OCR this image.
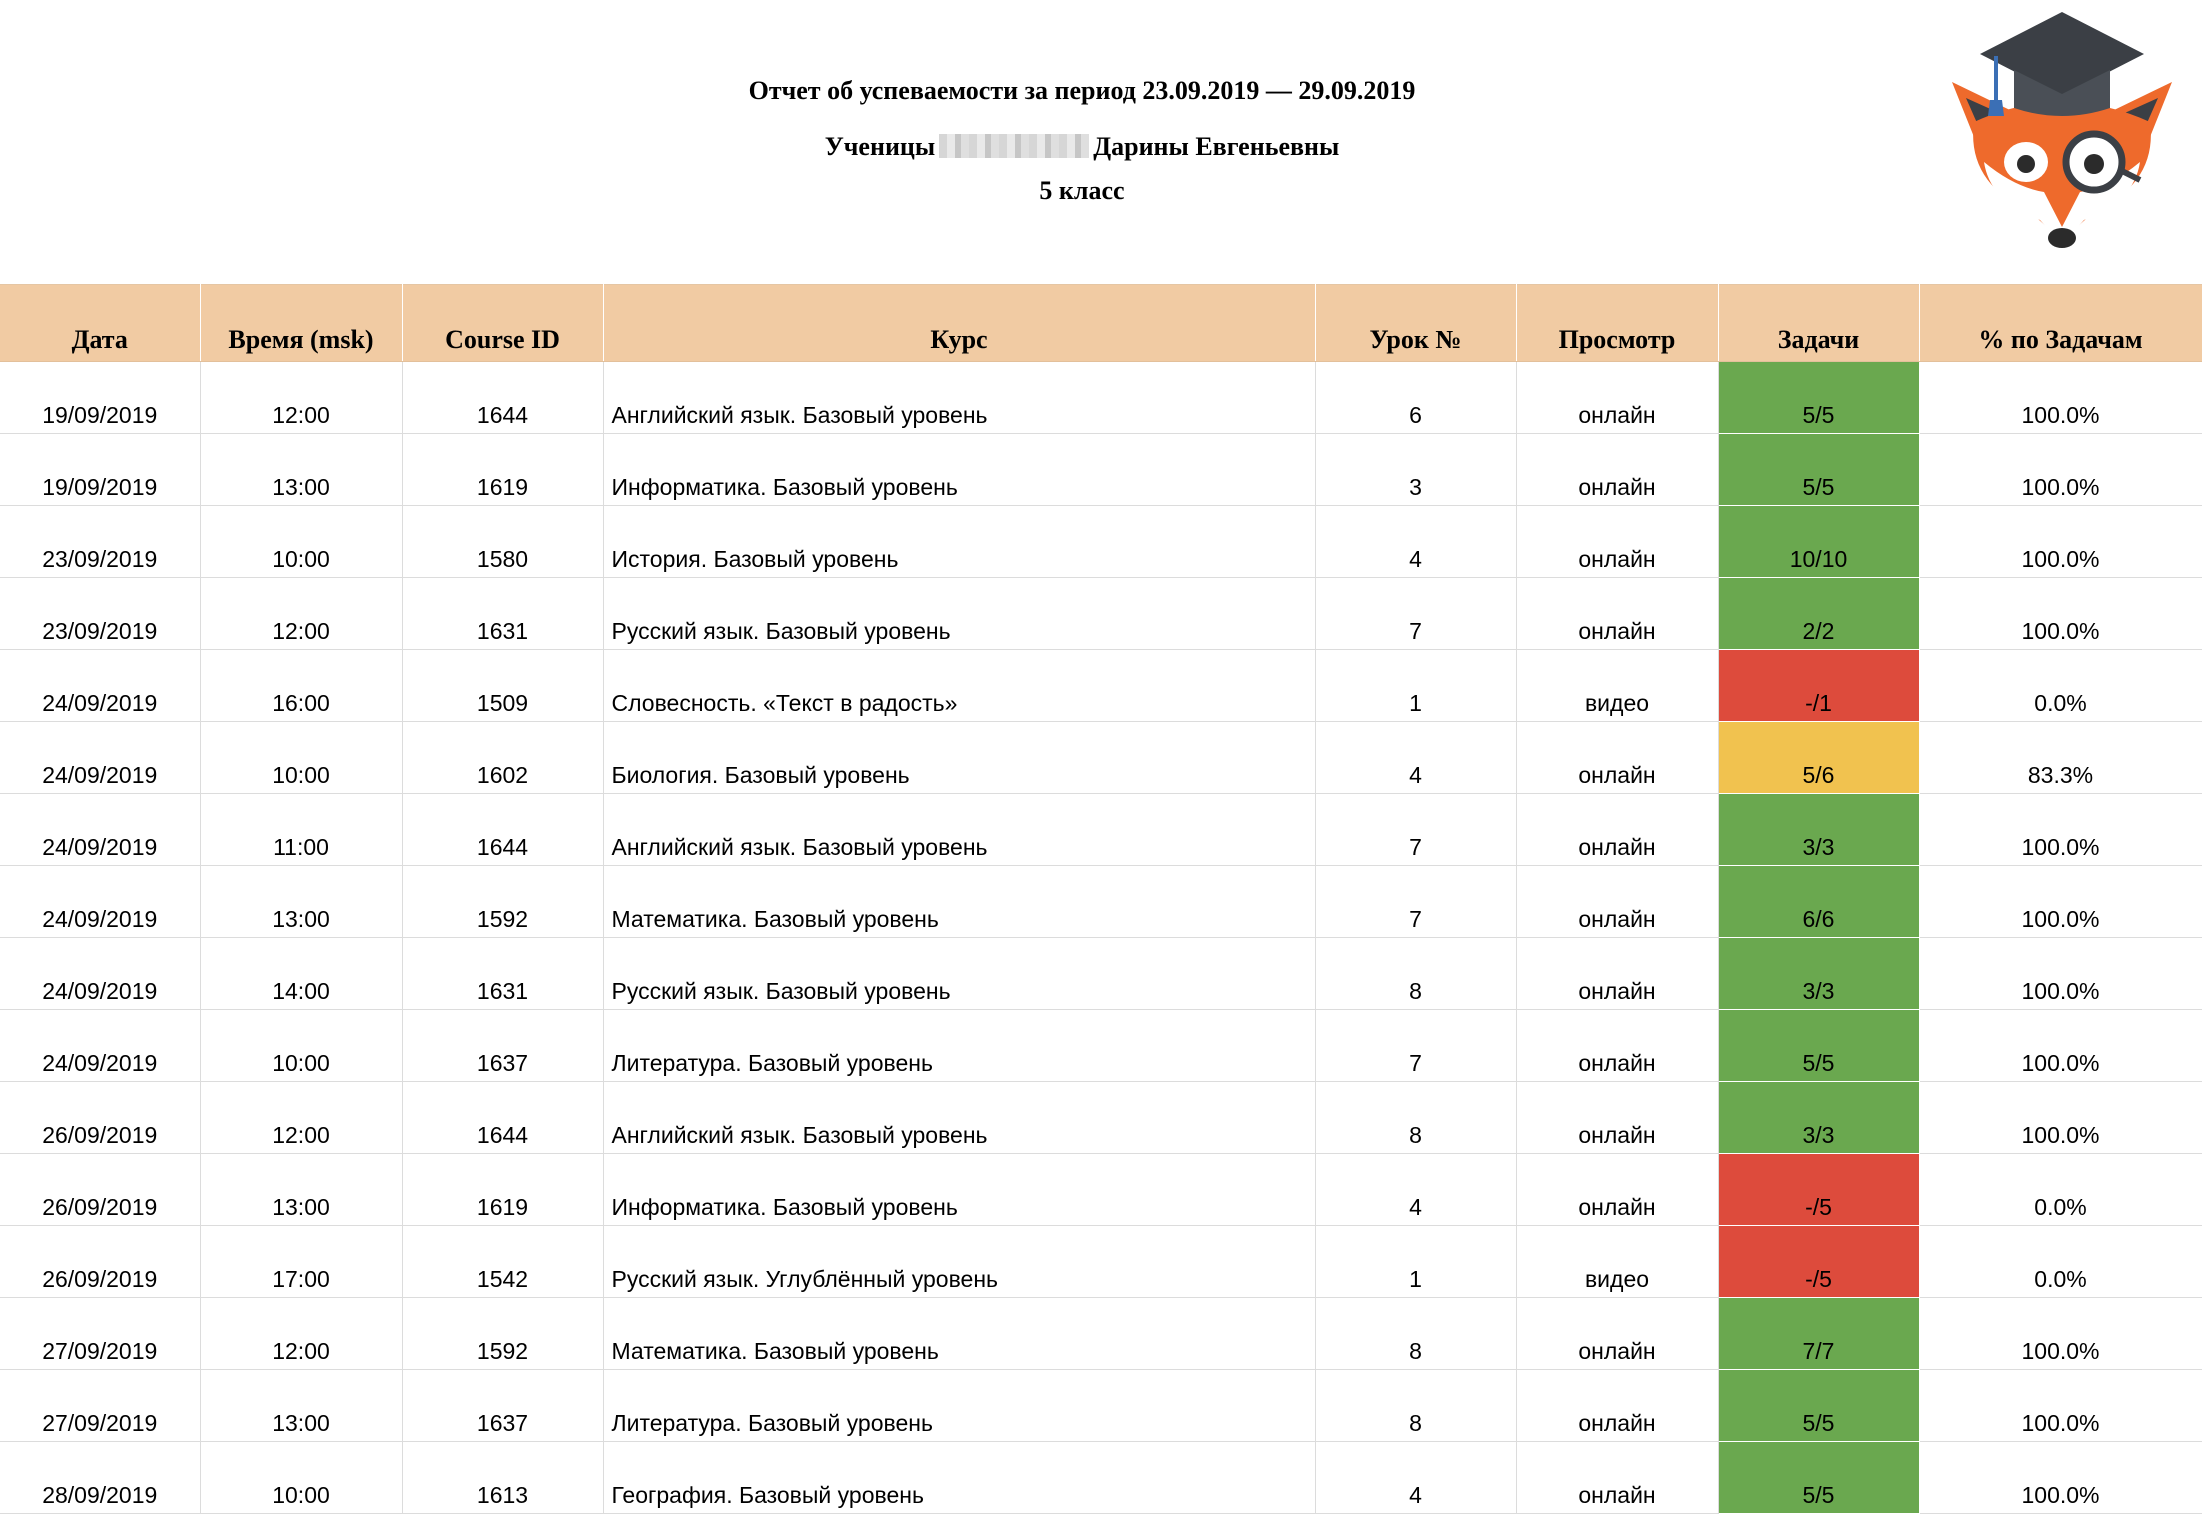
Отчет об успеваемости за период 23.09.2019 — 29.09.2019
Ученицы	Дарины Евгеньевны
5 класс
Дата	Время (msk)	Course ID	Курс	Урок №	Просмотр	Задачи	% по Задачам
19/09/2019	12:00	1644	Английский язык. Базовый уровень	6	онлайн	5/5	100.0%
19/09/2019	13:00	1619	Информатика. Базовый уровень	3	онлайн	5/5	100.0%
23/09/2019	10:00	1580	История. Базовый уровень	4	онлайн	10/10	100.0%
23/09/2019	12:00	1631	Русский язык. Базовый уровень	7	онлайн	2/2	100.0%
24/09/2019	16:00	1509	Словесность. «Текст в радость»	1	видео	-/1	0.0%
24/09/2019	10:00	1602	Биология. Базовый уровень	4	онлайн	5/6	83.3%
24/09/2019	11:00	1644	Английский язык. Базовый уровень	7	онлайн	3/3	100.0%
24/09/2019	13:00	1592	Математика. Базовый уровень	7	онлайн	6/6	100.0%
24/09/2019	14:00	1631	Русский язык. Базовый уровень	8	онлайн	3/3	100.0%
24/09/2019	10:00	1637	Литература. Базовый уровень	7	онлайн	5/5	100.0%
26/09/2019	12:00	1644	Английский язык. Базовый уровень	8	онлайн	3/3	100.0%
26/09/2019	13:00	1619	Информатика. Базовый уровень	4	онлайн	-/5	0.0%
26/09/2019	17:00	1542	Русский язык. Углублённый уровень	1	видео	-/5	0.0%
27/09/2019	12:00	1592	Математика. Базовый уровень	8	онлайн	7/7	100.0%
27/09/2019	13:00	1637	Литература. Базовый уровень	8	онлайн	5/5	100.0%
28/09/2019	10:00	1613	География. Базовый уровень	4	онлайн	5/5	100.0%
